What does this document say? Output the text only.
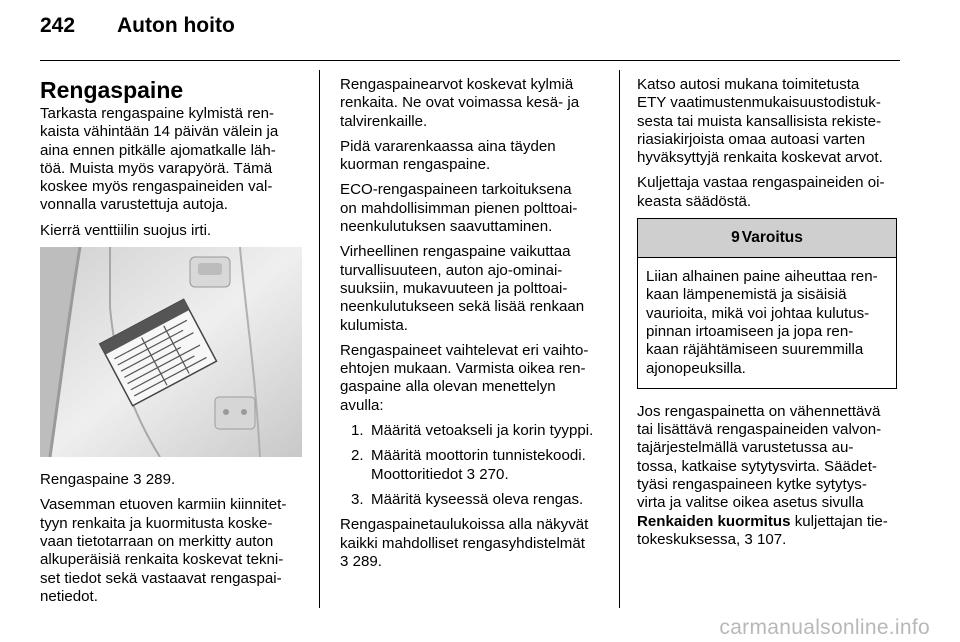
242 Auton hoito
Rengaspaine

Tarkasta rengaspaine kylmistä ren-
kaista vähintään 14 päivän välein ja
aina ennen pitkälle ajomatkalle läh-
töä. Muista myös varapyörä. Tämä
koskee myös rengaspaineiden val-
vonnalla varustettuja autoja.

Kierrä venttiilin suojus irti.

Rengaspaine 3 289.

Vasemman etuoven karmiin kiinnitet-
tyyn renkaita ja kuormitusta koske-
vaan tietotarraan on merkitty auton
alkuperäisiä renkaita koskevat tekni-
set tiedot sekä vastaavat rengaspai-
netiedot.

Rengaspainearvot koskevat kylmiä
renkaita. Ne ovat voimassa kesä- ja
talvirenkaille.

Pidä vararenkaassa aina täyden
kuorman rengaspaine.

ECO-rengaspaineen tarkoituksena
on mahdollisimman pienen polttoai-
neenkulutuksen saavuttaminen.

Virheellinen rengaspaine vaikuttaa
turvallisuuteen, auton ajo-ominai-
suuksiin, mukavuuteen ja polttoai-
neenkulutukseen sekä lisää renkaan
kulumista.

Rengaspaineet vaihtelevat eri vaihto-
ehtojen mukaan. Varmista oikea ren-
gaspaine alla olevan menettelyn
avulla:

1. Määritä vetoakseli ja korin tyyppi.
2. Määritä moottorin tunnistekoodi.
Moottoritiedot 3 270.
3. Määritä kyseessä oleva rengas.

Rengaspainetaulukoissa alla näkyvät
kaikki mahdolliset rengasyhdistelmät
3 289.

Katso autosi mukana toimitetusta
ETY vaatimustenmukaisuustodistuk-
sesta tai muista kansallisista rekiste-
riasiakirjoista omaa autoasi varten
hyväksyttyjä renkaita koskevat arvot.

Kuljettaja vastaa rengaspaineiden oi-
keasta säädöstä.

9 Varoitus
Liian alhainen paine aiheuttaa ren-
kaan lämpenemistä ja sisäisiä
vaurioita, mikä voi johtaa kulutus-
pinnan irtoamiseen ja jopa ren-
kaan räjähtämiseen suuremmilla
ajonopeuksilla.

Jos rengaspainetta on vähennettävä
tai lisättävä rengaspaineiden valvon-
tajärjestelmällä varustetussa au-
tossa, katkaise sytytysvirta. Säädet-
tyäsi rengaspaineen kytke sytytys-
virta ja valitse oikea asetus sivulla
Renkaiden kuormitus kuljettajan tie-
tokeskuksessa, 3 107.

carmanualsonline.info
